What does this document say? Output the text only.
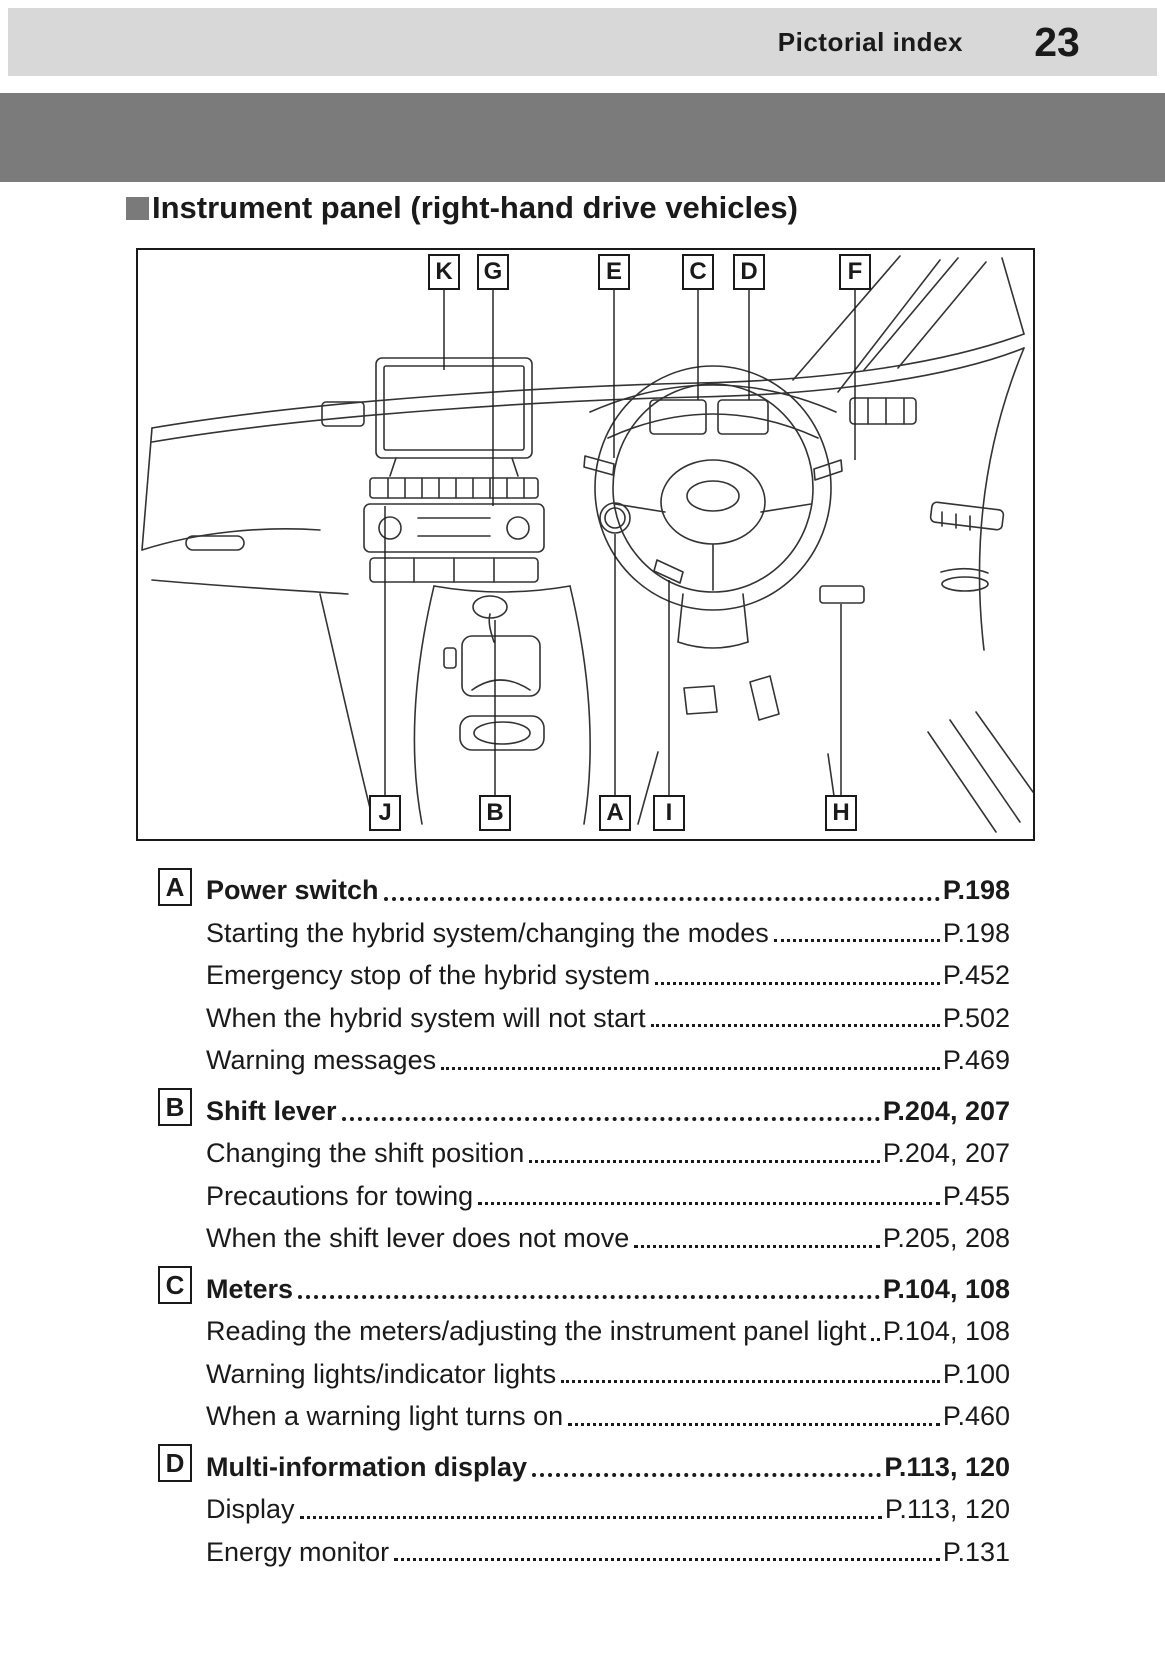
Pictorial index	23
Instrument panel (right-hand drive vehicles)
K	G	E	C	D	F
J	B	A	I	H
A Power switch	P.198
Starting the hybrid system/changing the modes	P.198
Emergency stop of the hybrid system	P.452
When the hybrid system will not start	P.502
Warning messages	P.469
B Shift lever	P.204, 207
Changing the shift position	P.204, 207
Precautions for towing	P.455
When the shift lever does not move	P.205, 208
C Meters	P.104, 108
Reading the meters/adjusting the instrument panel light P.104, 108
Warning lights/indicator lights	P.100
When a warning light turns on	P.460
D Multi-information display	P.113, 120
Display	P.113, 120
Energy monitor	P.131
